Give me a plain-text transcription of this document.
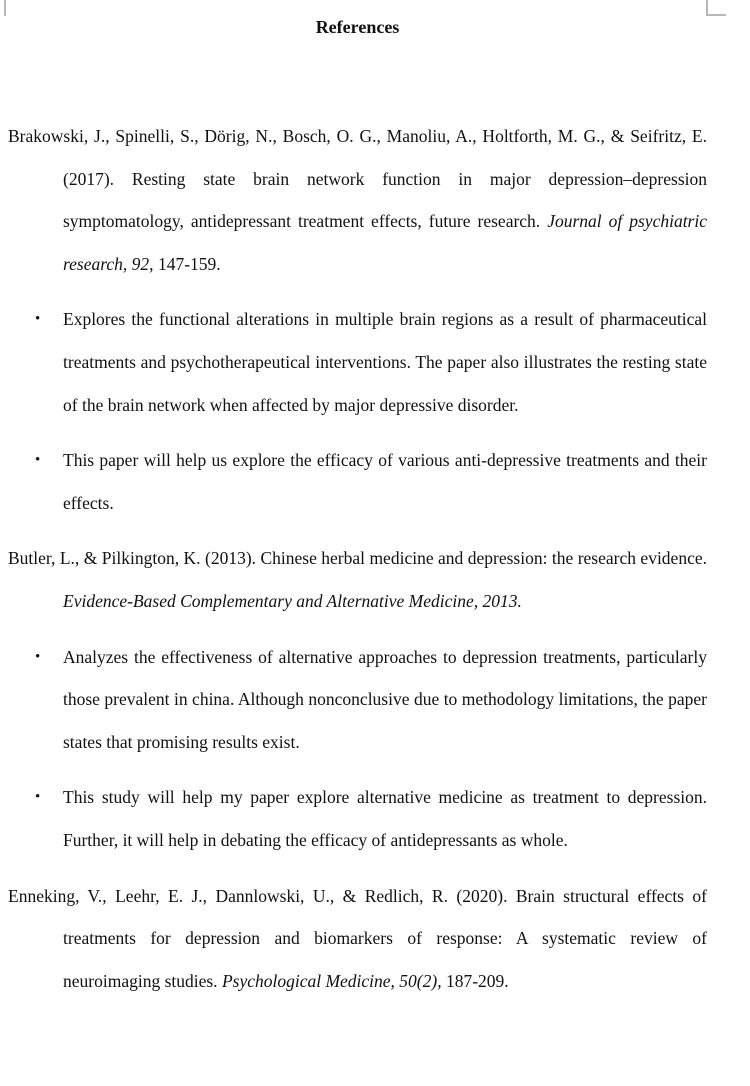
References

Brakowski, J., Spinelli, S., Dörig, N., Bosch, O. G., Manoliu, A., Holtforth, M. G., & Seifritz, E. (2017). Resting state brain network function in major depression–depression symptomatology, antidepressant treatment effects, future research. Journal of psychiatric research, 92, 147-159.

• Explores the functional alterations in multiple brain regions as a result of pharmaceutical treatments and psychotherapeutical interventions. The paper also illustrates the resting state of the brain network when affected by major depressive disorder.
• This paper will help us explore the efficacy of various anti-depressive treatments and their effects.

Butler, L., & Pilkington, K. (2013). Chinese herbal medicine and depression: the research evidence. Evidence-Based Complementary and Alternative Medicine, 2013.

• Analyzes the effectiveness of alternative approaches to depression treatments, particularly those prevalent in china. Although nonconclusive due to methodology limitations, the paper states that promising results exist.
• This study will help my paper explore alternative medicine as treatment to depression. Further, it will help in debating the efficacy of antidepressants as whole.

Enneking, V., Leehr, E. J., Dannlowski, U., & Redlich, R. (2020). Brain structural effects of treatments for depression and biomarkers of response: A systematic review of neuroimaging studies. Psychological Medicine, 50(2), 187-209.
